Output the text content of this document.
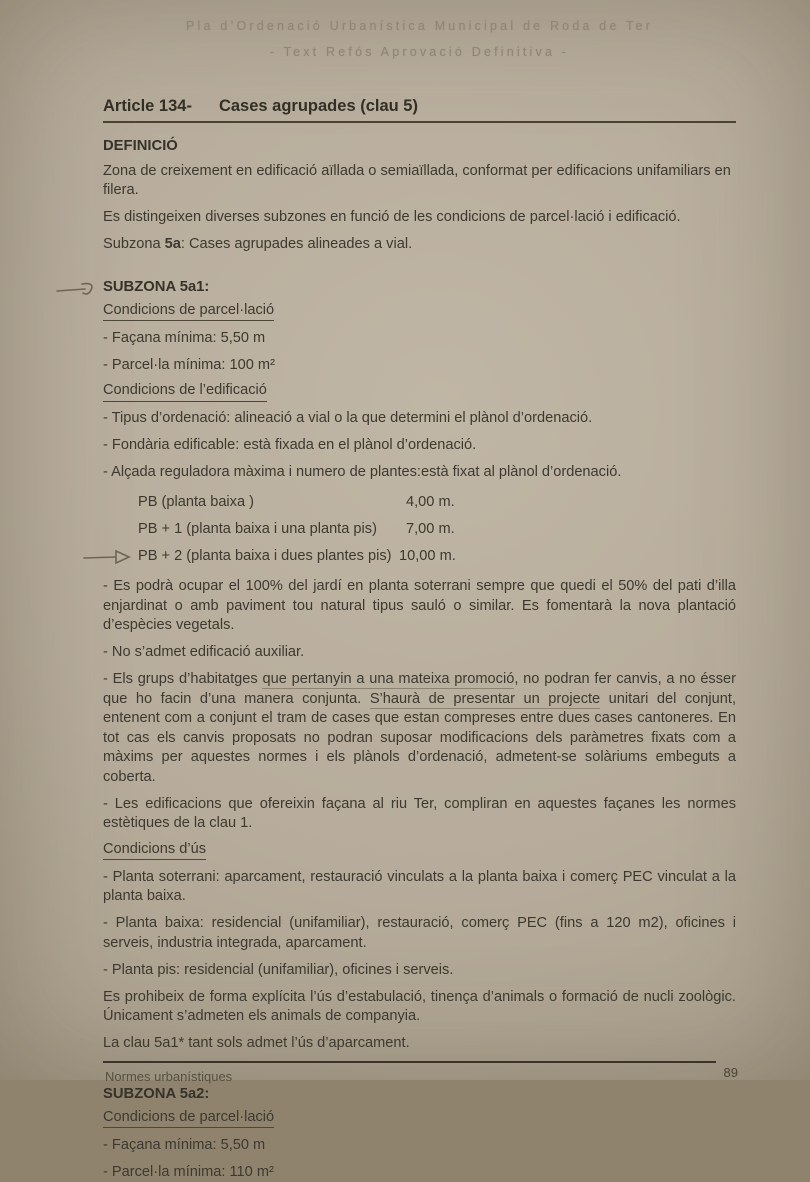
Pla d’Ordenació Urbanística Municipal de Roda de Ter
- Text Refós Aprovació Definitiva -
Article 134- Cases agrupades (clau 5)
DEFINICIÓ

Zona de creixement en edificació aïllada o semiaïllada, conformat per edificacions unifamiliars en filera.

Es distingeixen diverses subzones en funció de les condicions de parcel·lació i edificació.

Subzona 5a: Cases agrupades alineades a vial.

SUBZONA 5a1:
Condicions de parcel·lació

- Façana mínima: 5,50 m

- Parcel·la mínima: 100 m²

Condicions de l’edificació

- Tipus d’ordenació: alineació a vial o la que determini el plànol d’ordenació.

- Fondària edificable: està fixada en el plànol d’ordenació.

- Alçada reguladora màxima i numero de plantes:està fixat al plànol d’ordenació.

PB (planta baixa )	4,00 m.
PB + 1 (planta baixa i una planta pis)	7,00 m.
PB + 2 (planta baixa i dues plantes pis) 10,00 m.

- Es podrà ocupar el 100% del jardí en planta soterrani sempre que quedi el 50% del pati d’illa enjardinat o amb paviment tou natural tipus sauló o similar. Es fomentarà la nova plantació d’espècies vegetals.

- No s’admet edificació auxiliar.

- Els grups d’habitatges que pertanyin a una mateixa promoció, no podran fer canvis, a no ésser que ho facin d’una manera conjunta. S’haurà de presentar un projecte unitari del conjunt, entenent com a conjunt el tram de cases que estan compreses entre dues cases cantoneres. En tot cas els canvis proposats no podran suposar modificacions dels paràmetres fixats com a màxims per aquestes normes i els plànols d’ordenació, admetent-se solàriums embeguts a coberta.

- Les edificacions que ofereixin façana al riu Ter, compliran en aquestes façanes les normes estètiques de la clau 1.

Condicions d’ús

- Planta soterrani: aparcament, restauració vinculats a la planta baixa i comerç PEC vinculat a la planta baixa.

- Planta baixa: residencial (unifamiliar), restauració, comerç PEC (fins a 120 m2), oficines i serveis, industria integrada, aparcament.

- Planta pis: residencial (unifamiliar), oficines i serveis.

Es prohibeix de forma explícita l’ús d’estabulació, tinença d’animals o formació de nucli zoològic. Únicament s’admeten els animals de companyia.

La clau 5a1* tant sols admet l’ús d’aparcament.

SUBZONA 5a2:
Condicions de parcel·lació

- Façana mínima: 5,50 m

- Parcel·la mínima: 110 m²

Normes urbanístiques	89
